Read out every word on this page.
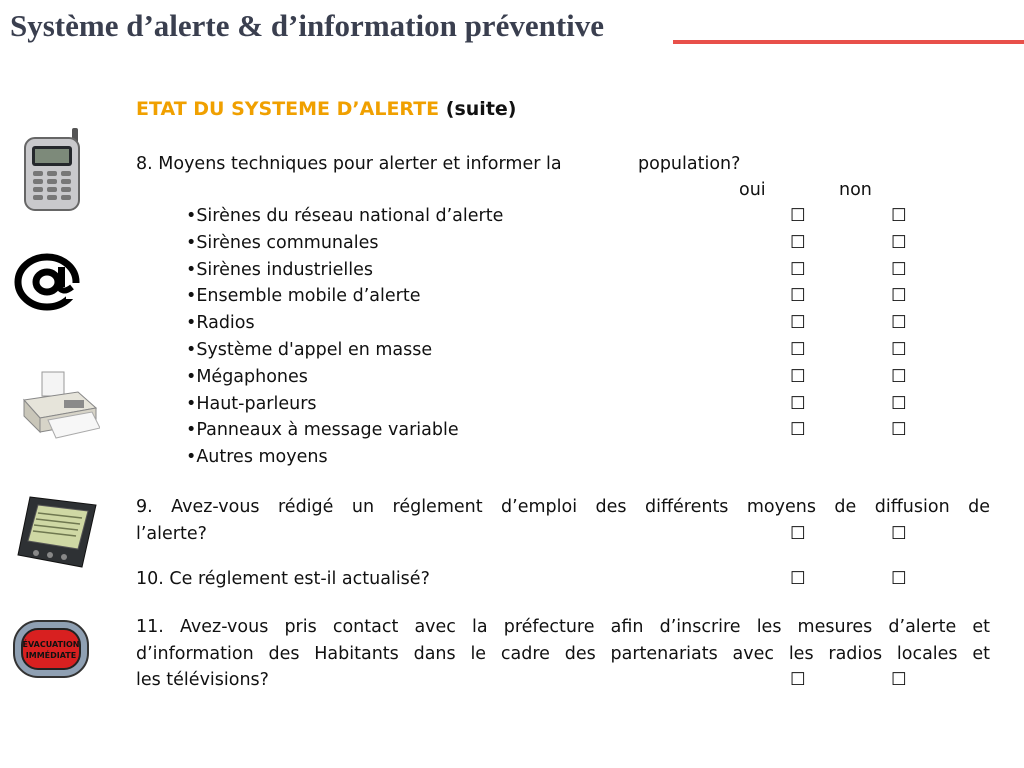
Système d’alerte & d’information préventive
ÉVACUATION
IMMÉDIATE
ETAT DU SYSTEME D’ALERTE (suite)
8. Moyens techniques pour alerter et informer la	population?
oui	non
•Sirènes du réseau national d’alerte	☐	☐
•Sirènes communales	☐	☐
•Sirènes industrielles	☐	☐
•Ensemble mobile d’alerte	☐	☐
•Radios	☐	☐
•Système d'appel en masse	☐	☐
•Mégaphones	☐	☐
•Haut-parleurs	☐	☐
•Panneaux à message variable	☐	☐
•Autres moyens
9. Avez-vous rédigé un réglement d’emploi des différents moyens de diffusion de
l’alerte?	☐	☐
10. Ce réglement est-il actualisé?	☐	☐
11. Avez-vous pris contact avec la préfecture afin d’inscrire les mesures d’alerte et
d’information des Habitants dans le cadre des partenariats avec les radios locales et
les télévisions?	☐	☐
